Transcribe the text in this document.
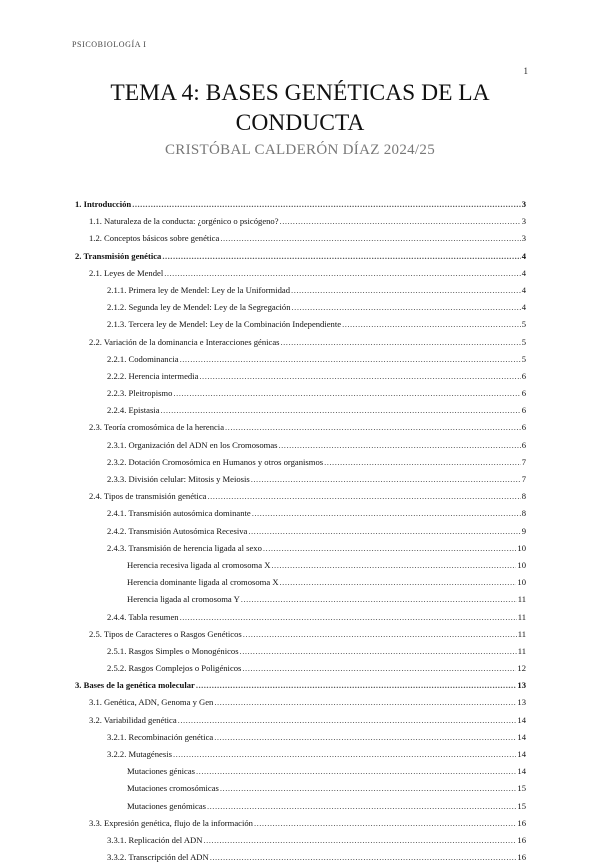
PSICOBIOLOGÍA I
1
TEMA 4: BASES GENÉTICAS DE LA
CONDUCTA
CRISTÓBAL CALDERÓN DÍAZ 2024/25
1. Introducción .....	3
1.1. Naturaleza de la conducta: ¿orgénico o psicógeno? .....	3
1.2. Conceptos básicos sobre genética .....	3
2. Transmisión genética .....	4
2.1. Leyes de Mendel .....	4
2.1.1. Primera ley de Mendel: Ley de la Uniformidad .....	4
2.1.2. Segunda ley de Mendel: Ley de la Segregación .....	4
2.1.3. Tercera ley de Mendel: Ley de la Combinación Independiente .....	5
2.2. Variación de la dominancia e Interacciones génicas .....	5
2.2.1. Codominancia .....	5
2.2.2. Herencia intermedia .....	6
2.2.3. Pleitropismo .....	6
2.2.4. Epistasia .....	6
2.3. Teoría cromosómica de la herencia .....	6
2.3.1. Organización del ADN en los Cromosomas .....	6
2.3.2. Dotación Cromosómica en Humanos y otros organismos .....	7
2.3.3. División celular: Mitosis y Meiosis .....	7
2.4. Tipos de transmisión genética .....	8
2.4.1. Transmisión autosómica dominante .....	8
2.4.2. Transmisión Autosómica Recesiva .....	9
2.4.3. Transmisión de herencia ligada al sexo .....	10
Herencia recesiva ligada al cromosoma X .....	10
Herencia dominante ligada al cromosoma X .....	10
Herencia ligada al cromosoma Y .....	11
2.4.4. Tabla resumen .....	11
2.5. Tipos de Caracteres o Rasgos Genéticos .....	11
2.5.1. Rasgos Simples o Monogénicos .....	11
2.5.2. Rasgos Complejos o Poligénicos .....	12
3. Bases de la genética molecular .....	13
3.1. Genética, ADN, Genoma y Gen .....	13
3.2. Variabilidad genética .....	14
3.2.1. Recombinación genética .....	14
3.2.2. Mutagénesis .....	14
Mutaciones génicas .....	14
Mutaciones cromosómicas .....	15
Mutaciones genómicas .....	15
3.3. Expresión genética, flujo de la información .....	16
3.3.1. Replicación del ADN .....	16
3.3.2. Transcripción del ADN .....	16
